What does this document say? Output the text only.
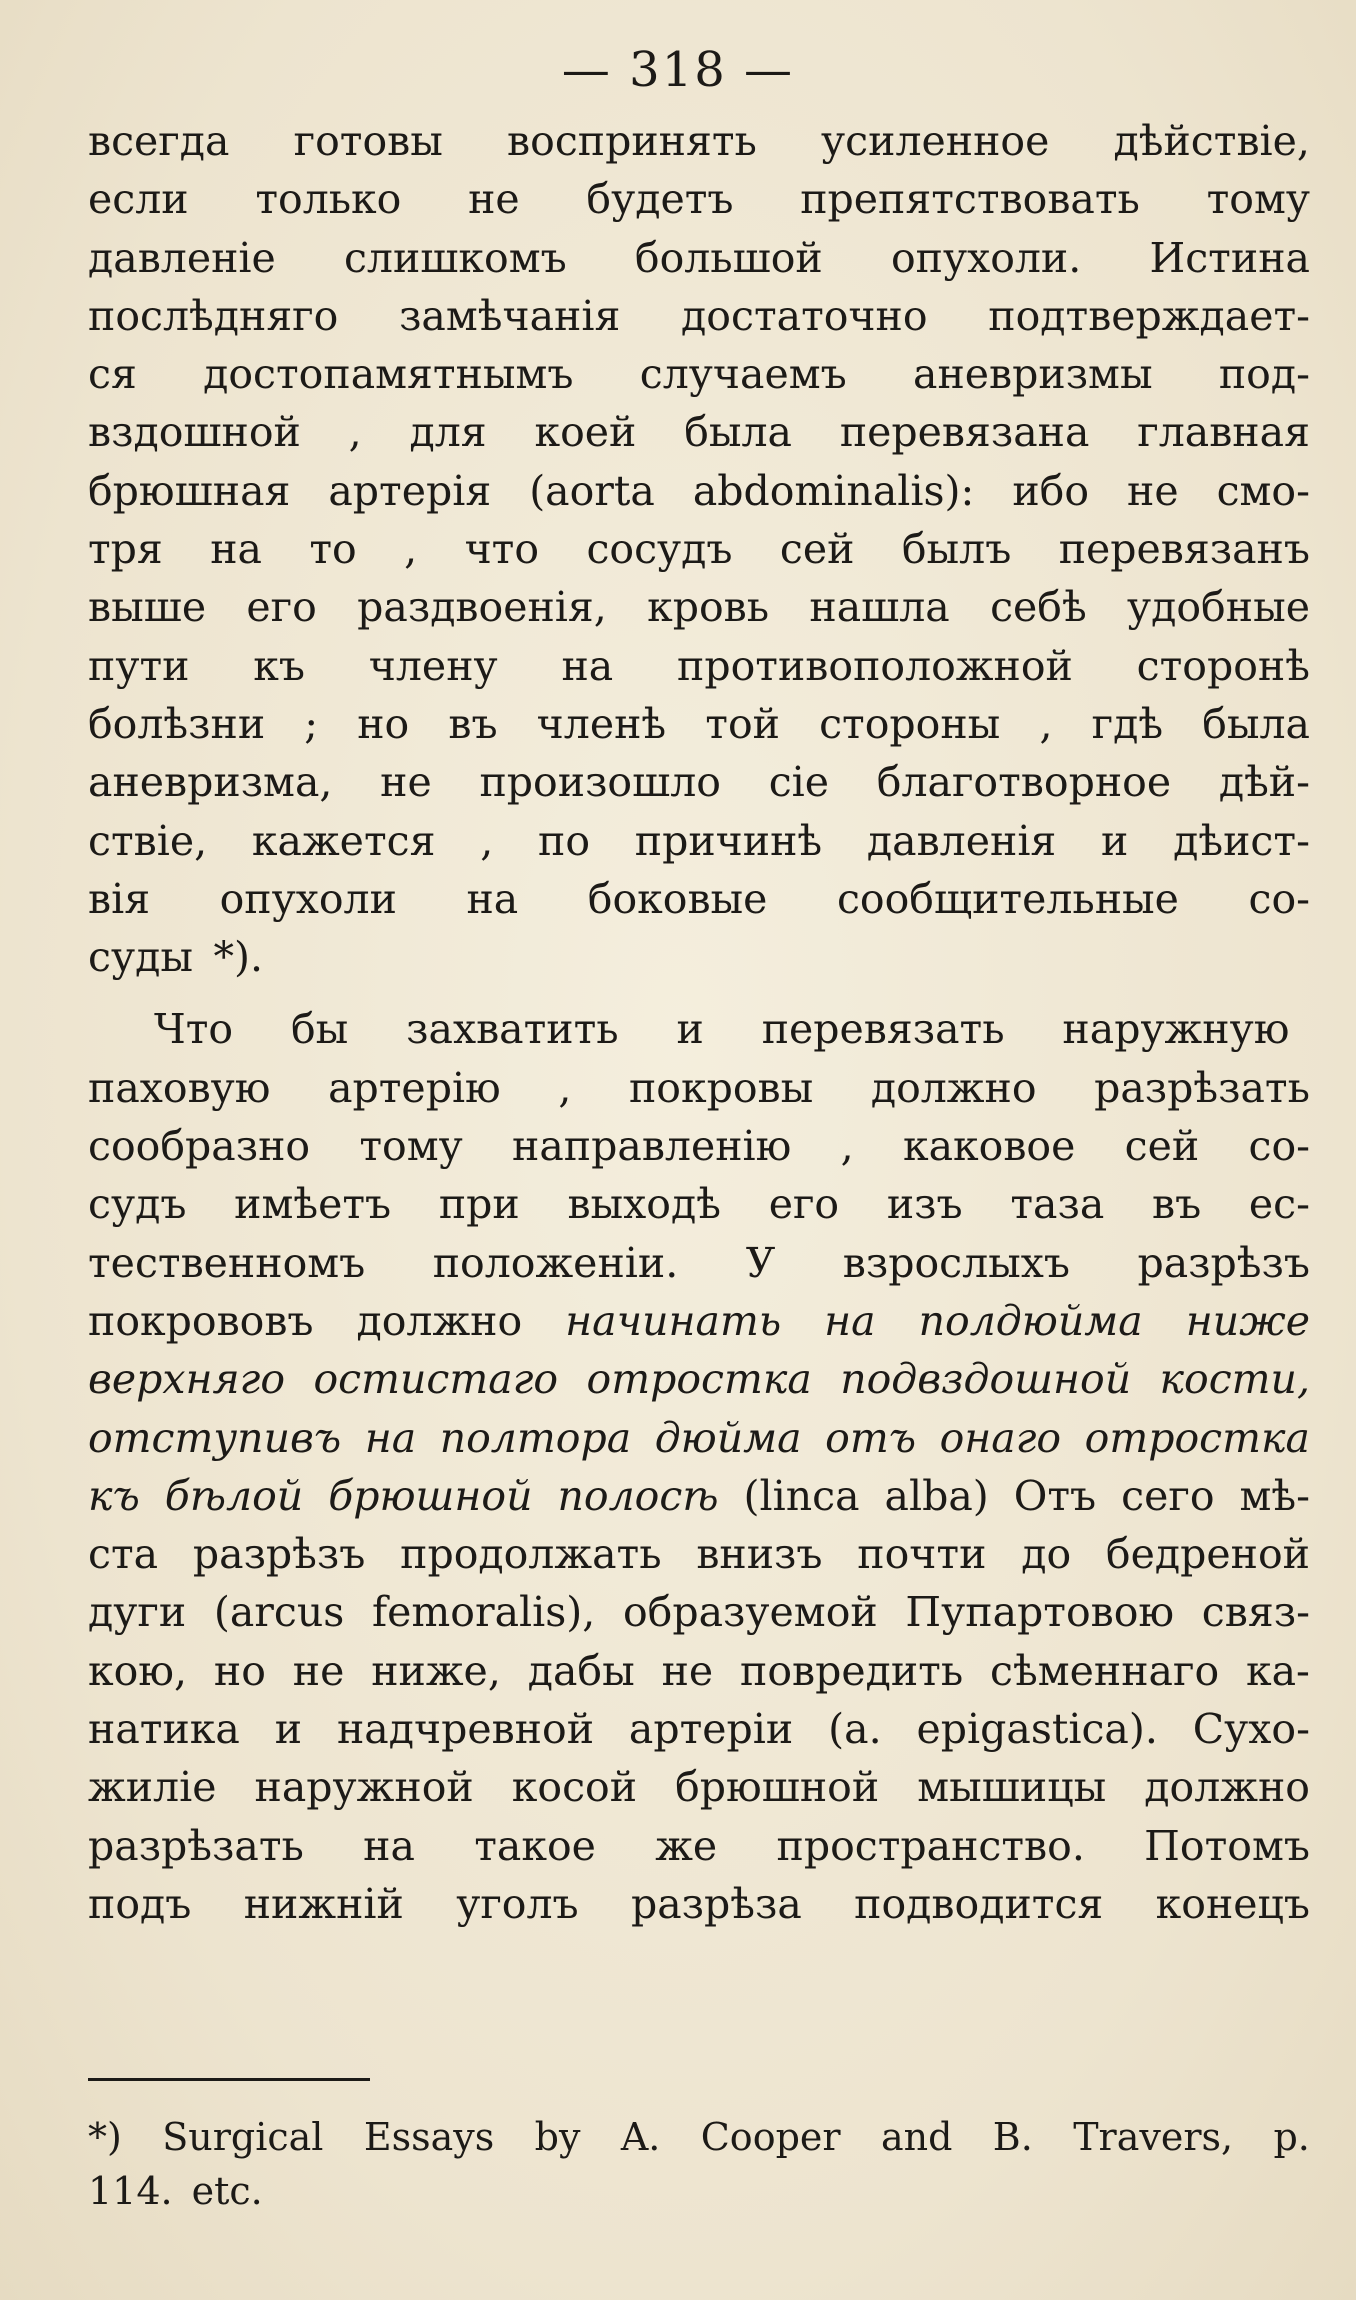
— 318 —
всегда готовы воспринять усиленное дѣйствіе,
если только не будетъ препятствовать тому
давленіе слишкомъ большой опухоли. Истина
послѣдняго замѣчанія достаточно подтверждает-
ся достопамятнымъ случаемъ аневризмы под-
вздошной , для коей была перевязана главная
брюшная артерія (aorta abdominalis): ибо не смо-
тря на то , что сосудъ сей былъ перевязанъ
выше его раздвоенія, кровь нашла себѣ удобные
пути къ члену на противоположной сторонѣ
болѣзни ; но въ членѣ той стороны , гдѣ была
аневризма, не произошло сіе благотворное дѣй-
ствіе, кажется , по причинѣ давленія и дѣист-
вія опухоли на боковые сообщительные со-
суды *).
Что бы захватить и перевязать наружную
паховую артерію , покровы должно разрѣзать
сообразно тому направленію , каковое сей со-
судъ имѣетъ при выходѣ его изъ таза въ ес-
тественномъ положеніи. У взрослыхъ разрѣзъ
покрововъ должно начинать на полдюйма ниже
верхняго остистаго отростка подвздошной кости,
отступивъ на полтора дюйма отъ онаго отростка
къ бѣлой брюшной полосѣ (linca alba) Отъ сего мѣ-
ста разрѣзъ продолжать внизъ почти до бедреной
дуги (arcus femoralis), образуемой Пупартовою связ-
кою, но не ниже, дабы не повредить сѣменнаго ка-
натика и надчревной артеріи (a. epigastica). Сухо-
жиліе наружной косой брюшной мышицы должно
разрѣзать на такое же пространство. Потомъ
подъ нижній уголъ разрѣза подводится конецъ
*) Surgical Essays by A. Cooper and B. Travers, p.
114. etc.
